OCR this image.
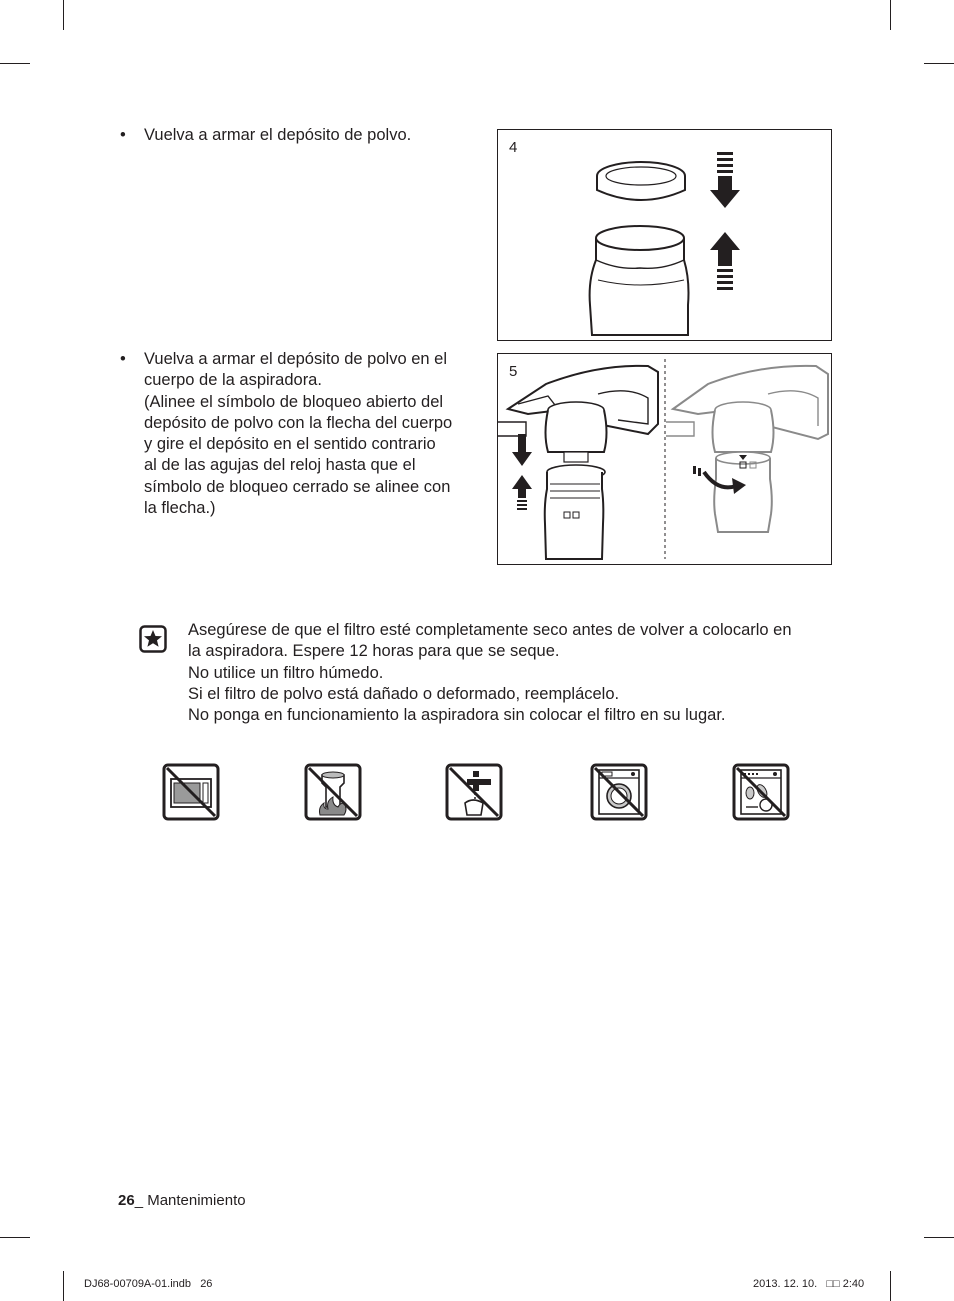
• Vuelva a armar el depósito de polvo.
4
• Vuelva a armar el depósito de polvo en el
cuerpo de la aspiradora.
(Alinee el símbolo de bloqueo abierto del
depósito de polvo con la flecha del cuerpo
y gire el depósito en el sentido contrario
al de las agujas del reloj hasta que el
símbolo de bloqueo cerrado se alinee con
la flecha.)
5
Asegúrese de que el filtro esté completamente seco antes de volver a colocarlo en
la aspiradora. Espere 12 horas para que se seque.
No utilice un filtro húmedo.
Si el filtro de polvo está dañado o deformado, reemplácelo.
No ponga en funcionamiento la aspiradora sin colocar el filtro en su lugar.
26_ Mantenimiento
DJ68-00709A-01.indb   26	2013. 12. 10.   □□ 2:40
